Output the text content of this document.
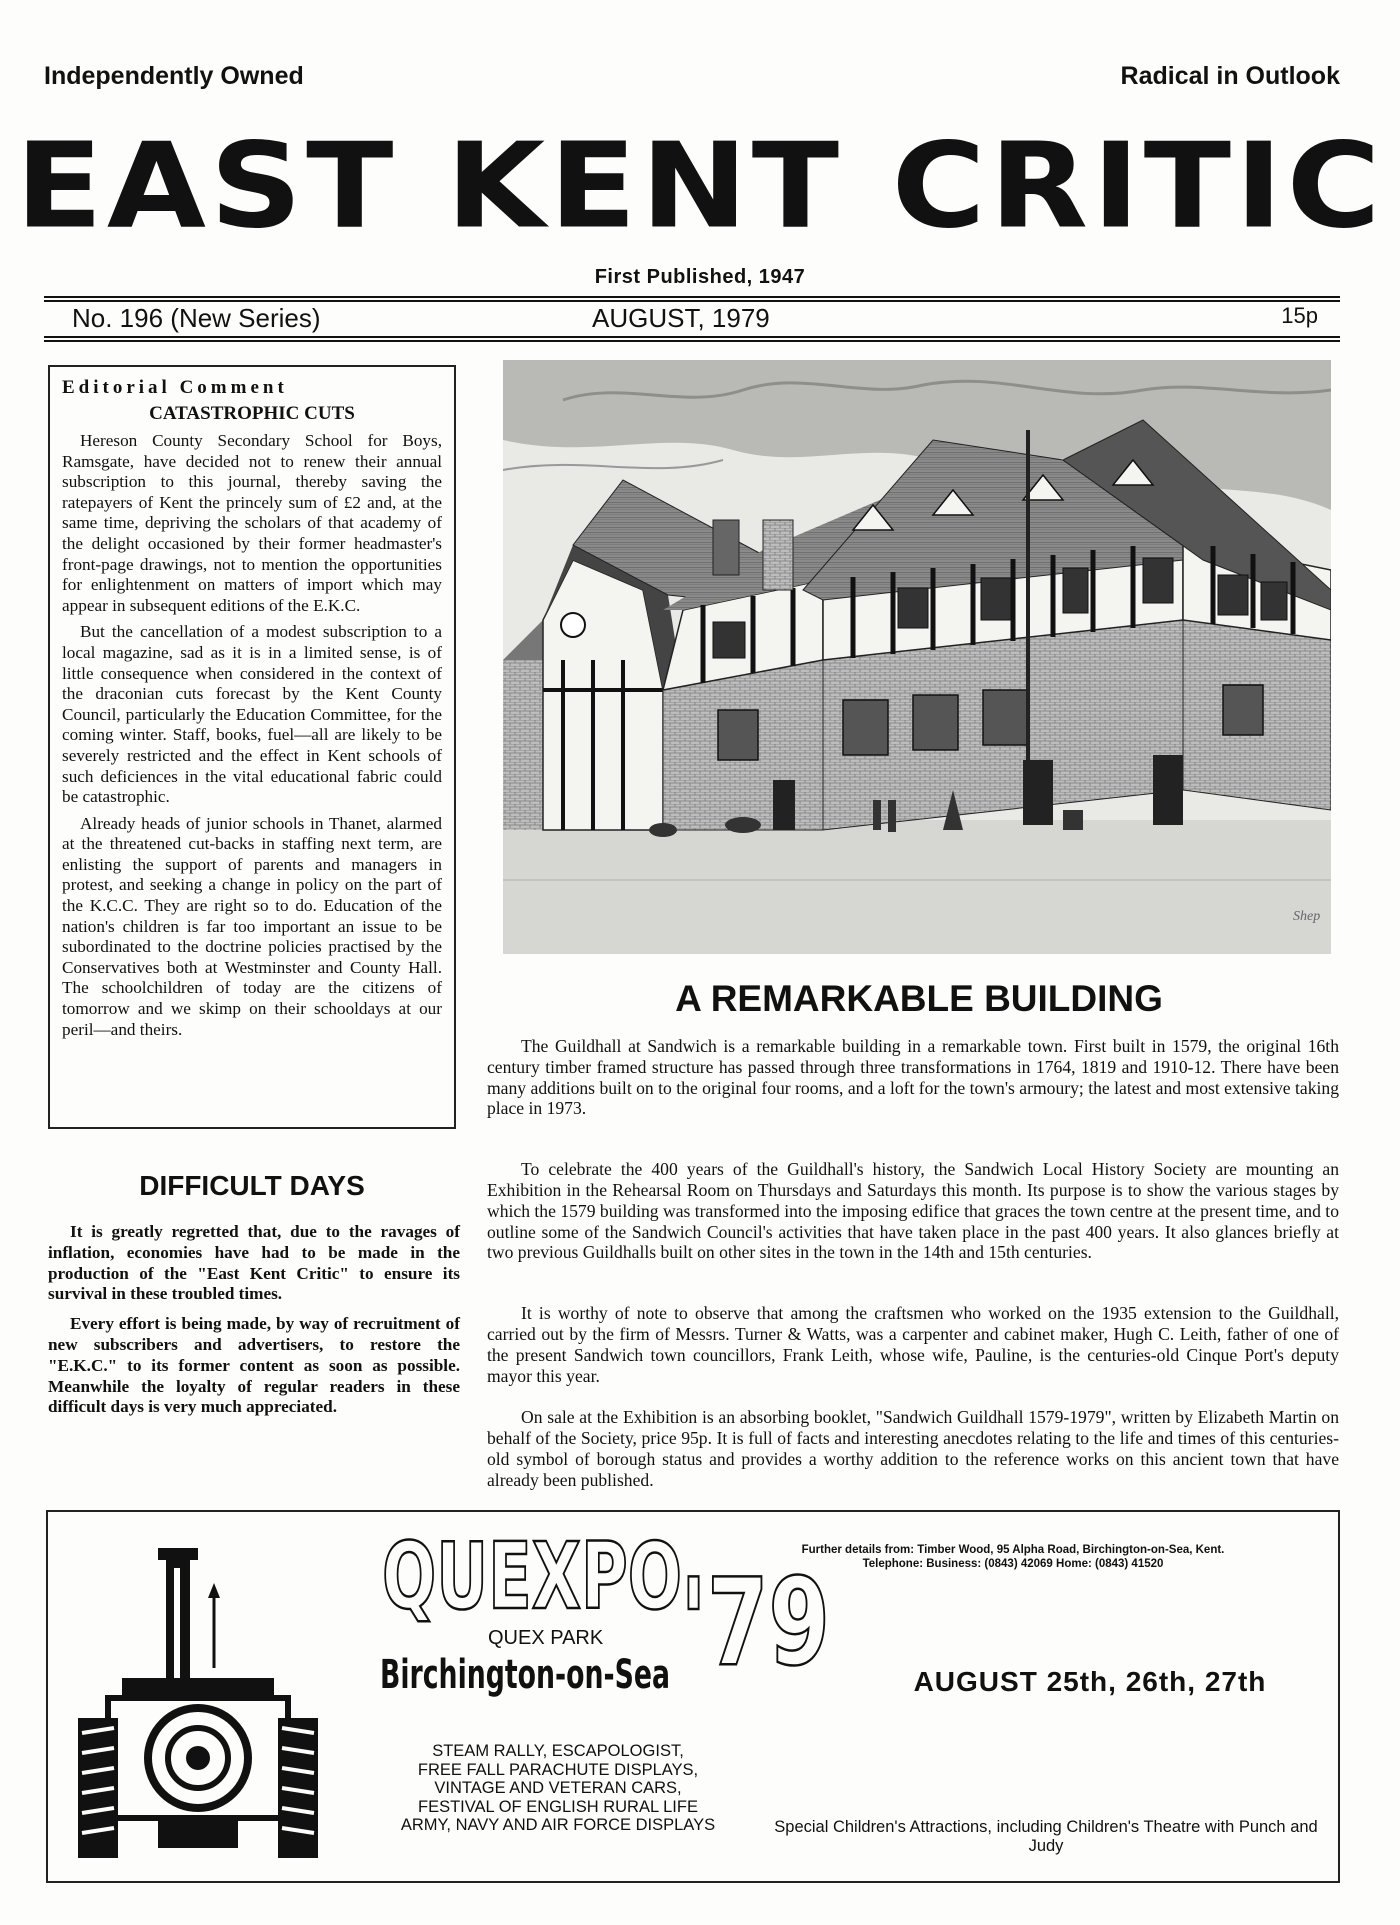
Independently Owned	Radical in Outlook
EAST KENT CRITIC
First Published, 1947
No. 196 (New Series)	AUGUST, 1979	15p
Editorial Comment
CATASTROPHIC CUTS

Hereson County Secondary School for Boys, Ramsgate, have decided not to renew their annual subscription to this journal, thereby saving the ratepayers of Kent the princely sum of £2 and, at the same time, depriving the scholars of that academy of the delight occasioned by their former headmaster's front-page drawings, not to mention the opportunities for enlightenment on matters of import which may appear in subsequent editions of the E.K.C.

But the cancellation of a modest subscription to a local magazine, sad as it is in a limited sense, is of little consequence when considered in the context of the draconian cuts forecast by the Kent County Council, particularly the Education Committee, for the coming winter. Staff, books, fuel—all are likely to be severely restricted and the effect in Kent schools of such deficiences in the vital educational fabric could be catastrophic.

Already heads of junior schools in Thanet, alarmed at the threatened cut-backs in staffing next term, are enlisting the support of parents and managers in protest, and seeking a change in policy on the part of the K.C.C. They are right so to do. Education of the nation's children is far too important an issue to be subordinated to the doctrine policies practised by the Conservatives both at Westminster and County Hall. The schoolchildren of today are the citizens of tomorrow and we skimp on their schooldays at our peril—and theirs.

DIFFICULT DAYS

It is greatly regretted that, due to the ravages of inflation, economies have had to be made in the production of the "East Kent Critic" to ensure its survival in these troubled times.

Every effort is being made, by way of recruitment of new subscribers and advertisers, to restore the "E.K.C." to its former content as soon as possible. Meanwhile the loyalty of regular readers in these difficult days is very much appreciated.

Shep
A REMARKABLE BUILDING

The Guildhall at Sandwich is a remarkable building in a remarkable town. First built in 1579, the original 16th century timber framed structure has passed through three transformations in 1764, 1819 and 1910-12. There have been many additions built on to the original four rooms, and a loft for the town's armoury; the latest and most extensive taking place in 1973.

To celebrate the 400 years of the Guildhall's history, the Sandwich Local History Society are mounting an Exhibition in the Rehearsal Room on Thursdays and Saturdays this month. Its purpose is to show the various stages by which the 1579 building was transformed into the imposing edifice that graces the town centre at the present time, and to outline some of the Sandwich Council's activities that have taken place in the past 400 years. It also glances briefly at two previous Guildhalls built on other sites in the town in the 14th and 15th centuries.

It is worthy of note to observe that among the craftsmen who worked on the 1935 extension to the Guildhall, carried out by the firm of Messrs. Turner & Watts, was a carpenter and cabinet maker, Hugh C. Leith, father of one of the present Sandwich town councillors, Frank Leith, whose wife, Pauline, is the centuries-old Cinque Port's deputy mayor this year.

On sale at the Exhibition is an absorbing booklet, "Sandwich Guildhall 1579-1979", written by Elizabeth Martin on behalf of the Society, price 95p. It is full of facts and interesting anecdotes relating to the life and times of this centuries-old symbol of borough status and provides a worthy addition to the reference works on this ancient town that have already been published.

QUEXPO
'79
QUEX PARK
Birchington-on-Sea
Further details from: Timber Wood, 95 Alpha Road, Birchington-on-Sea, Kent.
Telephone: Business: (0843) 42069 Home: (0843) 41520
AUGUST 25th, 26th, 27th
STEAM RALLY, ESCAPOLOGIST,
FREE FALL PARACHUTE DISPLAYS,
VINTAGE AND VETERAN CARS,
FESTIVAL OF ENGLISH RURAL LIFE
ARMY, NAVY AND AIR FORCE DISPLAYS	Special Children's Attractions, including Children's Theatre with Punch and Judy
